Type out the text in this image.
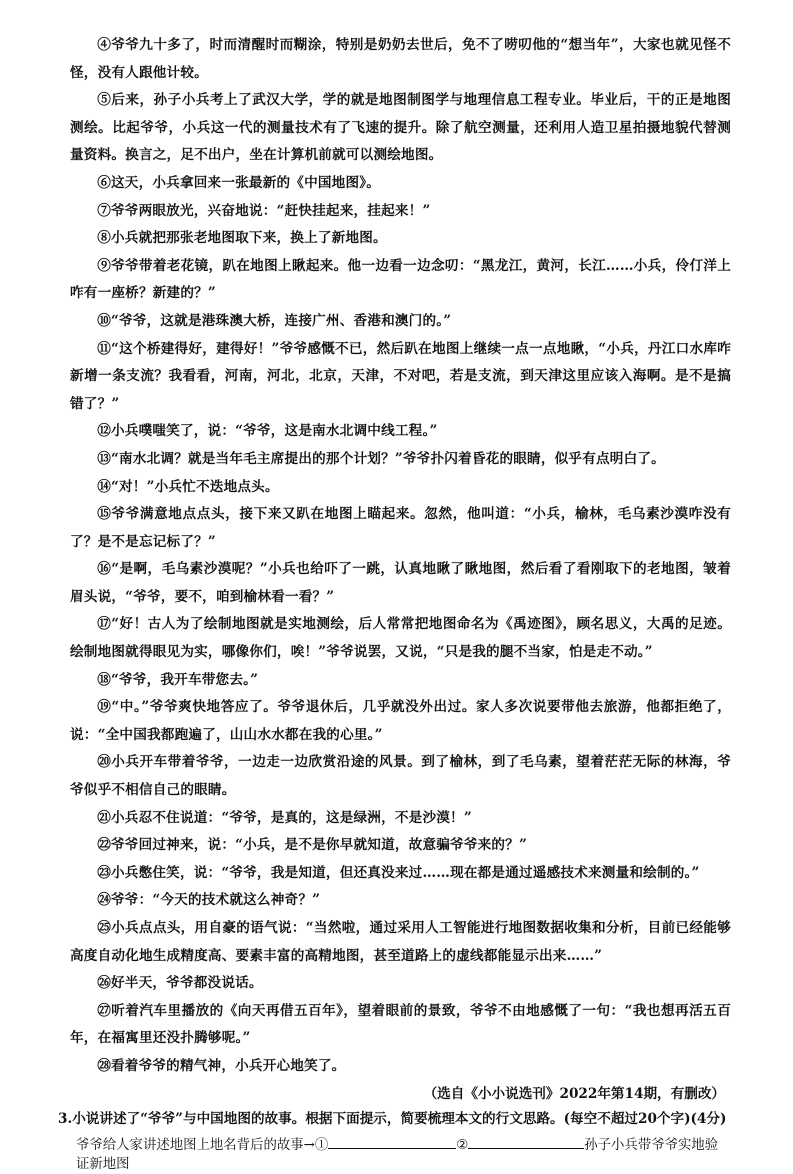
④爷爷九十多了，时而清醒时而糊涂，特别是奶奶去世后，免不了唠叨他的“想当年”，大家也就见怪不怪，没有人跟他计较。

⑤后来，孙子小兵考上了武汉大学，学的就是地图制图学与地理信息工程专业。毕业后，干的正是地图测绘。比起爷爷，小兵这一代的测量技术有了飞速的提升。除了航空测量，还利用人造卫星拍摄地貌代替测量资料。换言之，足不出户，坐在计算机前就可以测绘地图。

⑥这天，小兵拿回来一张最新的《中国地图》。

⑦爷爷两眼放光，兴奋地说：“赶快挂起来，挂起来！”

⑧小兵就把那张老地图取下来，换上了新地图。

⑨爷爷带着老花镜，趴在地图上瞅起来。他一边看一边念叨：“黑龙江，黄河，长江……小兵，伶仃洋上咋有一座桥？新建的？”

⑩“爷爷，这就是港珠澳大桥，连接广州、香港和澳门的。”

⑪“这个桥建得好，建得好！”爷爷感慨不已，然后趴在地图上继续一点一点地瞅，“小兵，丹江口水库咋新增一条支流？我看看，河南，河北，北京，天津，不对吧，若是支流，到天津这里应该入海啊。是不是搞错了？”

⑫小兵噗嗤笑了，说：“爷爷，这是南水北调中线工程。”

⑬“南水北调？就是当年毛主席提出的那个计划？”爷爷扑闪着昏花的眼睛，似乎有点明白了。

⑭“对！”小兵忙不迭地点头。

⑮爷爷满意地点点头，接下来又趴在地图上瞄起来。忽然，他叫道：“小兵，榆林，毛乌素沙漠咋没有了？是不是忘记标了？”

⑯“是啊，毛乌素沙漠呢？”小兵也给吓了一跳，认真地瞅了瞅地图，然后看了看刚取下的老地图，皱着眉头说，“爷爷，要不，咱到榆林看一看？”

⑰“好！古人为了绘制地图就是实地测绘，后人常常把地图命名为《禹迹图》，顾名思义，大禹的足迹。绘制地图就得眼见为实，哪像你们，唉！”爷爷说罢，又说，“只是我的腿不当家，怕是走不动。”

⑱“爷爷，我开车带您去。”

⑲“中。”爷爷爽快地答应了。爷爷退休后，几乎就没外出过。家人多次说要带他去旅游，他都拒绝了，说：“全中国我都跑遍了，山山水水都在我的心里。”

⑳小兵开车带着爷爷，一边走一边欣赏沿途的风景。到了榆林，到了毛乌素，望着茫茫无际的林海，爷爷似乎不相信自己的眼睛。

㉑小兵忍不住说道：“爷爷，是真的，这是绿洲，不是沙漠！”

㉒爷爷回过神来，说：“小兵，是不是你早就知道，故意骗爷爷来的？”

㉓小兵憋住笑，说：“爷爷，我是知道，但还真没来过……现在都是通过遥感技术来测量和绘制的。”

㉔爷爷：“今天的技术就这么神奇？”

㉕小兵点点头，用自豪的语气说：“当然啦，通过采用人工智能进行地图数据收集和分析，目前已经能够高度自动化地生成精度高、要素丰富的高精地图，甚至道路上的虚线都能显示出来……”

㉖好半天，爷爷都没说话。

㉗听着汽车里播放的《向天再借五百年》，望着眼前的景致，爷爷不由地感慨了一句：“我也想再活五百年，在福寓里还没扑腾够呢。”

㉘看着爷爷的精气神，小兵开心地笑了。

（选自《小小说选刊》2022年第14期，有删改）

3.小说讲述了“爷爷”与中国地图的故事。根据下面提示，简要梳理本文的行文思路。(每空不超过20个字)(4分)

爷爷给人家讲述地图上地名背后的故事→①	②	孙子小兵带爷爷实地验证新地图
